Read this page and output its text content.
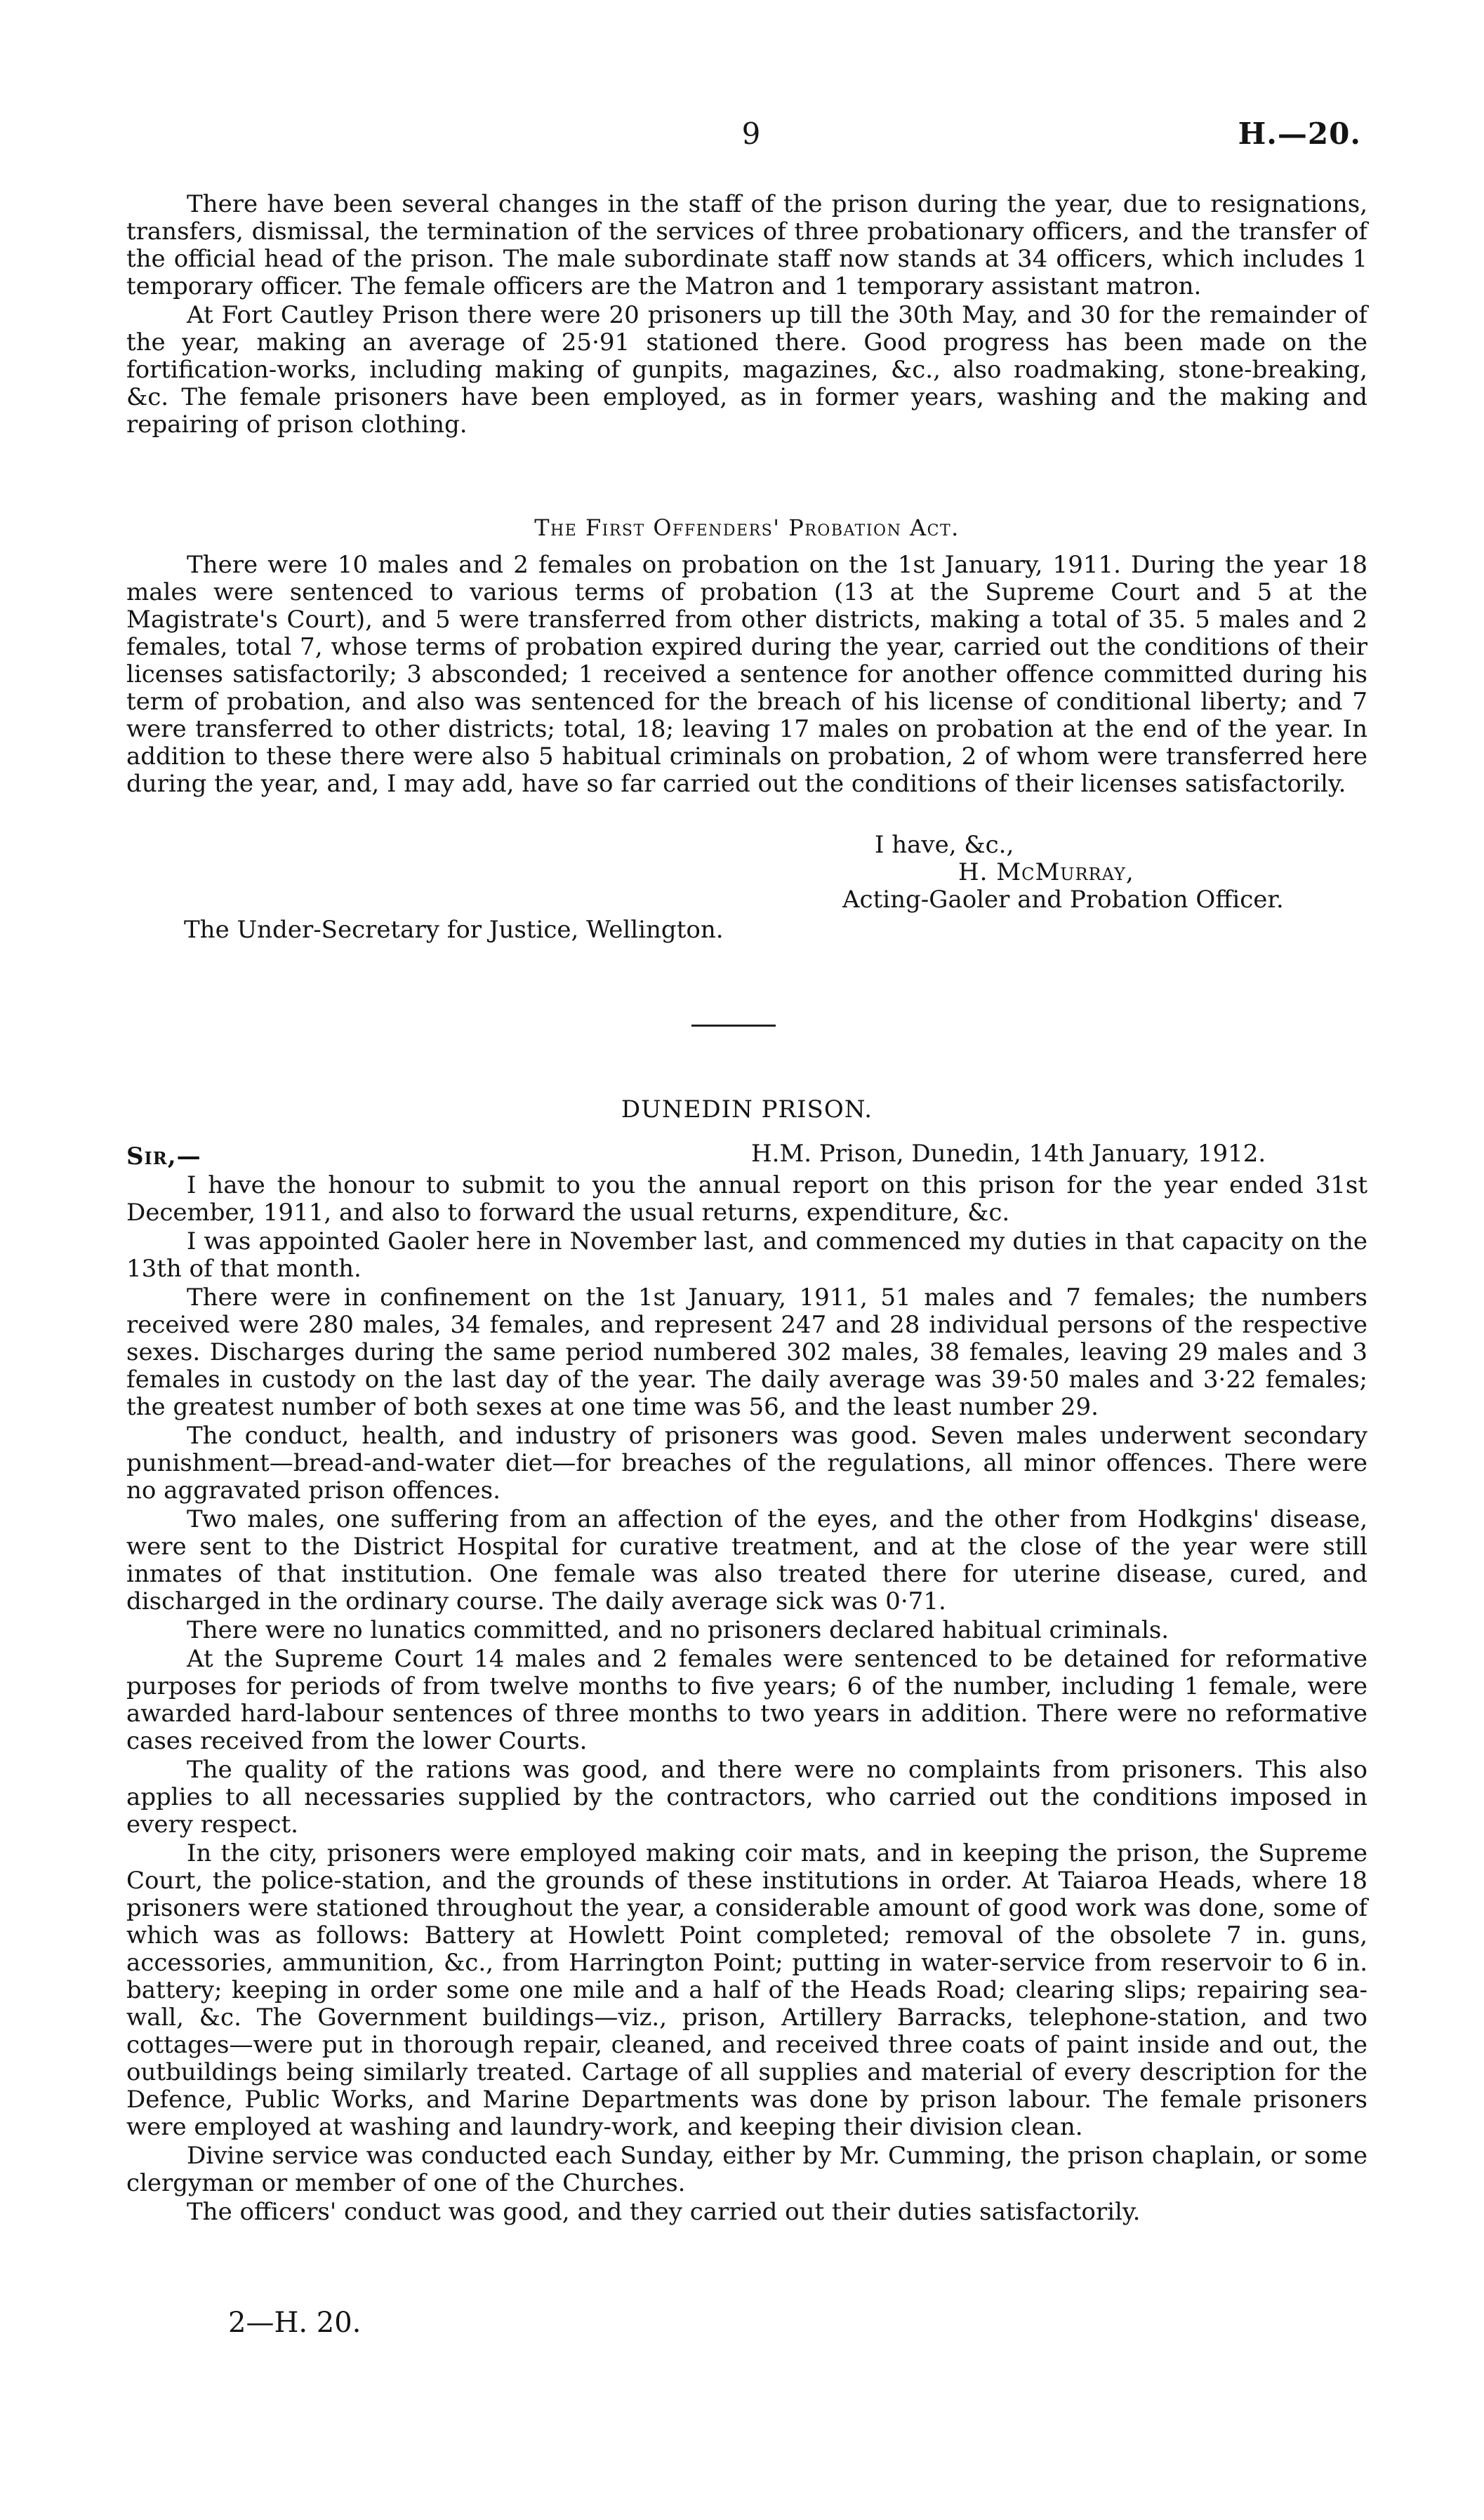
9	H.—20.

There have been several changes in the staff of the prison during the year, due to resignations, transfers, dismissal, the termination of the services of three probationary officers, and the transfer of the official head of the prison. The male subordinate staff now stands at 34 officers, which includes 1 temporary officer. The female officers are the Matron and 1 temporary assistant matron.

At Fort Cautley Prison there were 20 prisoners up till the 30th May, and 30 for the remainder of the year, making an average of 25·91 stationed there. Good progress has been made on the fortification-works, including making of gunpits, magazines, &c., also roadmaking, stone-breaking, &c. The female prisoners have been employed, as in former years, washing and the making and repairing of prison clothing.

The First Offenders' Probation Act.

There were 10 males and 2 females on probation on the 1st January, 1911. During the year 18 males were sentenced to various terms of probation (13 at the Supreme Court and 5 at the Magistrate's Court), and 5 were transferred from other districts, making a total of 35. 5 males and 2 females, total 7, whose terms of probation expired during the year, carried out the conditions of their licenses satisfactorily; 3 absconded; 1 received a sentence for another offence committed during his term of probation, and also was sentenced for the breach of his license of conditional liberty; and 7 were transferred to other districts; total, 18; leaving 17 males on probation at the end of the year. In addition to these there were also 5 habitual criminals on probation, 2 of whom were transferred here during the year, and, I may add, have so far carried out the conditions of their licenses satisfactorily.

I have, &c.,
H. McMurray,
Acting-Gaoler and Probation Officer.
The Under-Secretary for Justice, Wellington.
DUNEDIN PRISON.
Sir,—	H.M. Prison, Dunedin, 14th January, 1912.

I have the honour to submit to you the annual report on this prison for the year ended 31st December, 1911, and also to forward the usual returns, expenditure, &c.

I was appointed Gaoler here in November last, and commenced my duties in that capacity on the 13th of that month.

There were in confinement on the 1st January, 1911, 51 males and 7 females; the numbers received were 280 males, 34 females, and represent 247 and 28 individual persons of the respective sexes. Discharges during the same period numbered 302 males, 38 females, leaving 29 males and 3 females in custody on the last day of the year. The daily average was 39·50 males and 3·22 females; the greatest number of both sexes at one time was 56, and the least number 29.

The conduct, health, and industry of prisoners was good. Seven males underwent secondary punishment—bread-and-water diet—for breaches of the regulations, all minor offences. There were no aggravated prison offences.

Two males, one suffering from an affection of the eyes, and the other from Hodkgins' disease, were sent to the District Hospital for curative treatment, and at the close of the year were still inmates of that institution. One female was also treated there for uterine disease, cured, and discharged in the ordinary course. The daily average sick was 0·71.

There were no lunatics committed, and no prisoners declared habitual criminals.

At the Supreme Court 14 males and 2 females were sentenced to be detained for reformative purposes for periods of from twelve months to five years; 6 of the number, including 1 female, were awarded hard-labour sentences of three months to two years in addition. There were no reformative cases received from the lower Courts.

The quality of the rations was good, and there were no complaints from prisoners. This also applies to all necessaries supplied by the contractors, who carried out the conditions imposed in every respect.

In the city, prisoners were employed making coir mats, and in keeping the prison, the Supreme Court, the police-station, and the grounds of these institutions in order. At Taiaroa Heads, where 18 prisoners were stationed throughout the year, a considerable amount of good work was done, some of which was as follows: Battery at Howlett Point completed; removal of the obsolete 7 in. guns, accessories, ammunition, &c., from Harrington Point; putting in water-service from reservoir to 6 in. battery; keeping in order some one mile and a half of the Heads Road; clearing slips; repairing sea-wall, &c. The Government buildings—viz., prison, Artillery Barracks, telephone-station, and two cottages—were put in thorough repair, cleaned, and received three coats of paint inside and out, the outbuildings being similarly treated. Cartage of all supplies and material of every description for the Defence, Public Works, and Marine Departments was done by prison labour. The female prisoners were employed at washing and laundry-work, and keeping their division clean.

Divine service was conducted each Sunday, either by Mr. Cumming, the prison chaplain, or some clergyman or member of one of the Churches.

The officers' conduct was good, and they carried out their duties satisfactorily.

2—H. 20.
